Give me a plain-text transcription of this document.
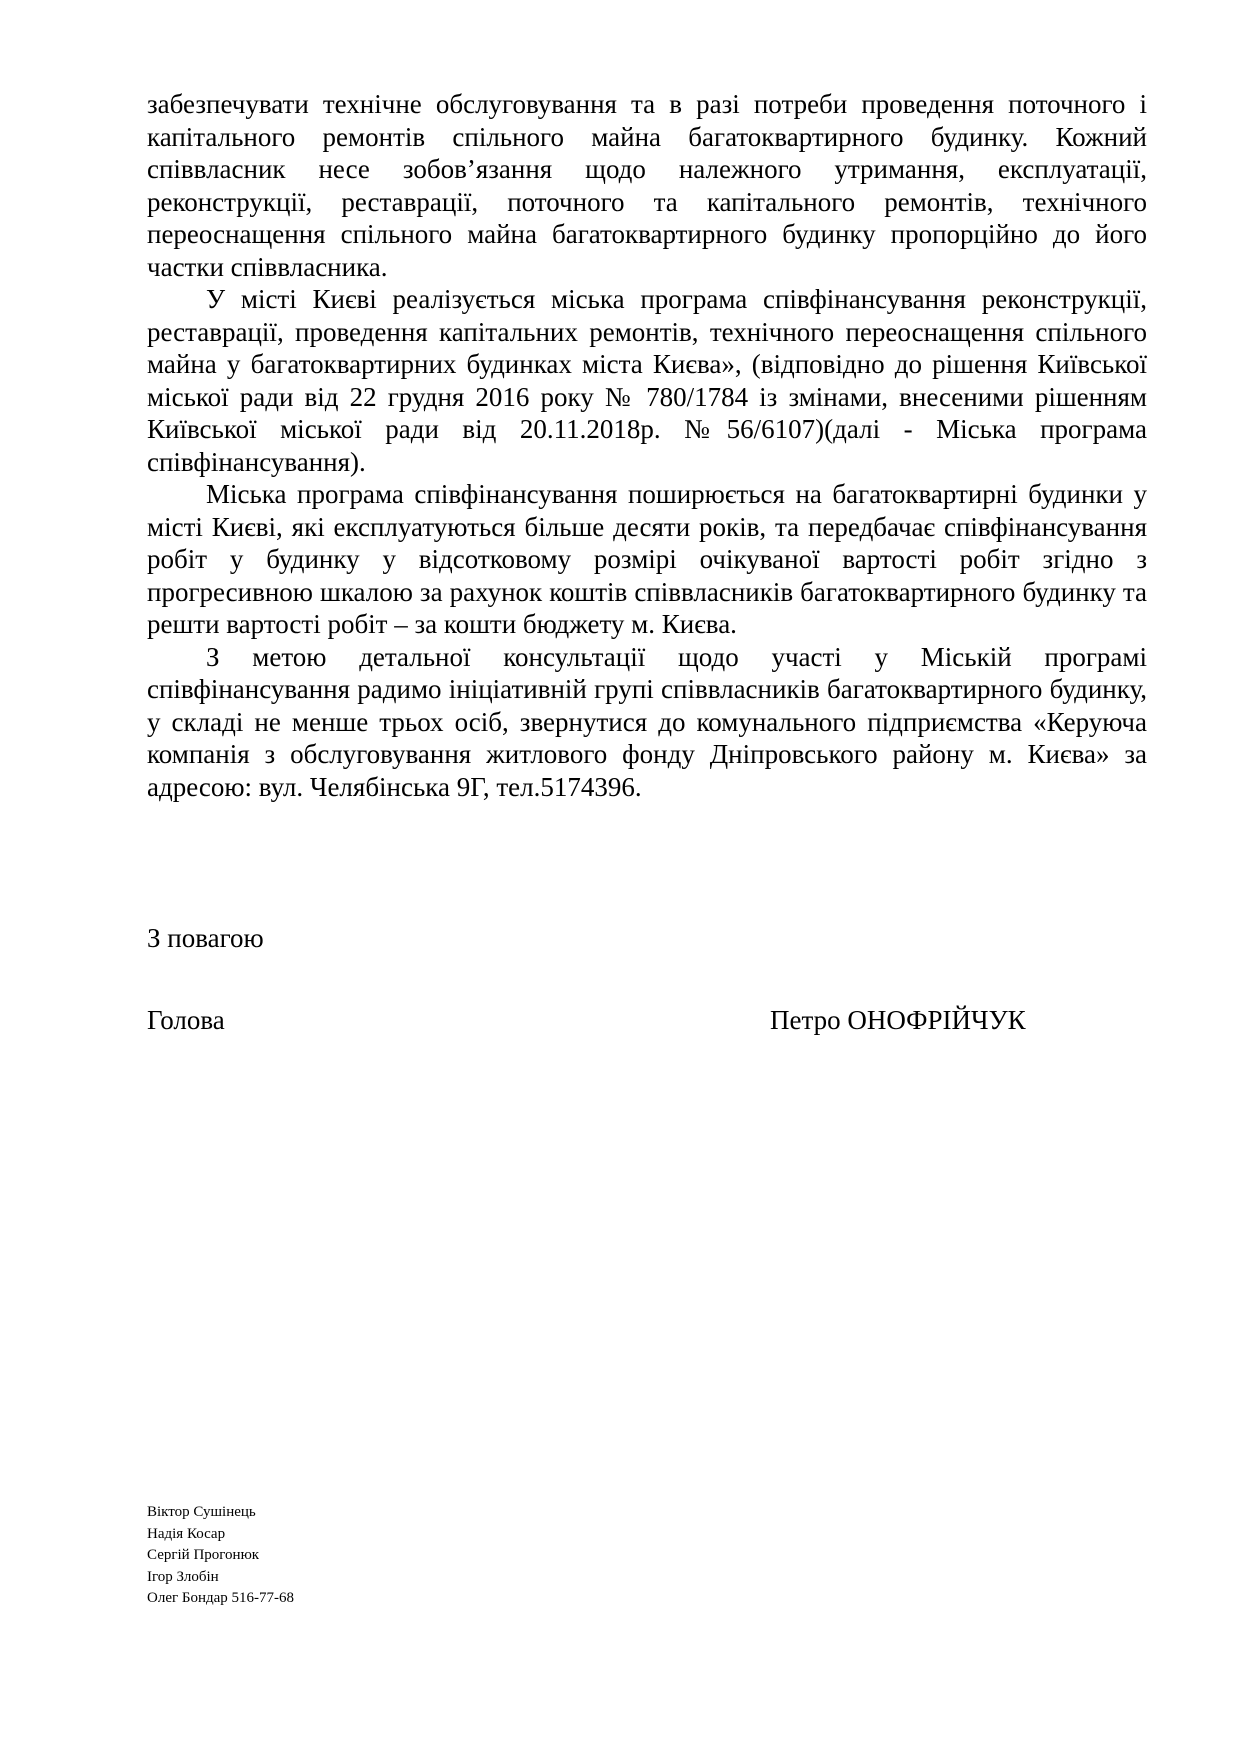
забезпечувати технічне обслуговування та в разі потреби проведення поточного і капітального ремонтів спільного майна багатоквартирного будинку. Кожний співвласник несе зобов’язання щодо належного утримання, експлуатації, реконструкції, реставрації, поточного та капітального ремонтів, технічного переоснащення спільного майна багатоквартирного будинку пропорційно до його частки співвласника.

У місті Києві реалізується міська програма співфінансування реконструкції, реставрації, проведення капітальних ремонтів, технічного переоснащення спільного майна у багатоквартирних будинках міста Києва», (відповідно до рішення Київської міської ради від 22 грудня 2016 року № 780/1784 із змінами, внесеними рішенням Київської міської ради від 20.11.2018р. №56/6107)(далі - Міська програма співфінансування).

Міська програма співфінансування поширюється на багатоквартирні будинки у місті Києві, які експлуатуються більше десяти років, та передбачає співфінансування робіт у будинку у відсотковому розмірі очікуваної вартості робіт згідно з прогресивною шкалою за рахунок коштів співвласників багатоквартирного будинку та решти вартості робіт – за кошти бюджету м. Києва.

З метою детальної консультації щодо участі у Міській програмі співфінансування радимо ініціативній групі співвласників багатоквартирного будинку, у складі не менше трьох осіб, звернутися до комунального підприємства «Керуюча компанія з обслуговування житлового фонду Дніпровського району м. Києва» за адресою: вул. Челябінська 9Г, тел.5174396.

З повагою

Голова	Петро ОНОФРІЙЧУК

Віктор Сушінець
Надія Косар
Сергій Прогонюк
Ігор Злобін
Олег Бондар 516-77-68
